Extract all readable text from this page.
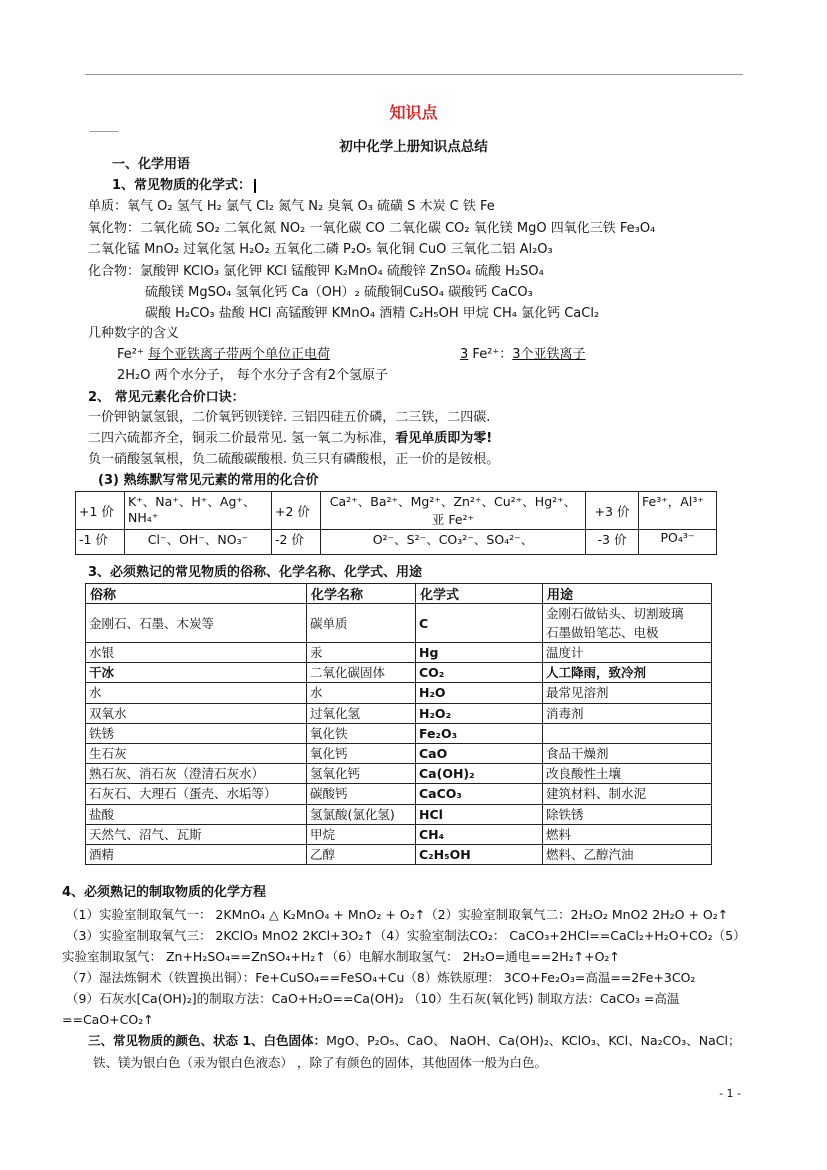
知识点
初中化学上册知识点总结
一、化学用语
1、常见物质的化学式：
单质：氧气 O₂ 氢气 H₂ 氯气 Cl₂ 氮气 N₂ 臭氧 O₃ 硫磺 S 木炭 C 铁 Fe
氧化物：二氧化硫 SO₂ 二氧化氮 NO₂ 一氧化碳 CO 二氧化碳 CO₂ 氧化镁 MgO 四氧化三铁 Fe₃O₄
二氧化锰 MnO₂ 过氧化氢 H₂O₂ 五氧化二磷 P₂O₅ 氧化铜 CuO 三氧化二铝 Al₂O₃
化合物：氯酸钾 KClO₃ 氯化钾 KCl 锰酸钾 K₂MnO₄ 硫酸锌 ZnSO₄ 硫酸 H₂SO₄
硫酸镁 MgSO₄ 氢氧化钙 Ca（OH）₂ 硫酸铜CuSO₄ 碳酸钙 CaCO₃
碳酸 H₂CO₃ 盐酸 HCl 高锰酸钾 KMnO₄ 酒精 C₂H₅OH 甲烷 CH₄ 氯化钙 CaCl₂
几种数字的含义
Fe²⁺ 每个亚铁离子带两个单位正电荷	3 Fe²⁺：3个亚铁离子
2H₂O 两个水分子， 每个水分子含有2个氢原子
2、 常见元素化合价口诀：
一价钾钠氯氢银，二价氧钙钡镁锌. 三铝四硅五价磷，二三铁，二四碳.
二四六硫都齐全，铜汞二价最常见. 氢一氧二为标准，看见单质即为零!
负一硝酸氢氧根，负二硫酸碳酸根. 负三只有磷酸根，正一价的是铵根。
(3) 熟练默写常见元素的常用的化合价
+1 价	K⁺、Na⁺、H⁺、Ag⁺、NH₄⁺	+2 价	Ca²⁺、Ba²⁺、Mg²⁺、Zn²⁺、Cu²⁺、Hg²⁺、亚 Fe²⁺	+3 价	Fe³⁺，Al³⁺
-1 价	Cl⁻、OH⁻、NO₃⁻	-2 价	O²⁻、S²⁻、CO₃²⁻、SO₄²⁻、	-3 价	PO₄³⁻
3、必须熟记的常见物质的俗称、化学名称、化学式、用途
俗称	化学名称	化学式	用途
金刚石、石墨、木炭等	碳单质	C	金刚石做钻头、切割玻璃
石墨做铅笔芯、电极
水银	汞	Hg	温度计
干冰	二氧化碳固体	CO₂	人工降雨，致冷剂
水	水	H₂O	最常见溶剂
双氧水	过氧化氢	H₂O₂	消毒剂
铁锈	氧化铁	Fe₂O₃	
生石灰	氧化钙	CaO	食品干燥剂
熟石灰、消石灰（澄清石灰水）	氢氧化钙	Ca(OH)₂	改良酸性土壤
石灰石、大理石（蛋壳、水垢等）	碳酸钙	CaCO₃	建筑材料、制水泥
盐酸	氢氯酸(氯化氢)	HCl	除铁锈
天然气、沼气、瓦斯	甲烷	CH₄	燃料
酒精	乙醇	C₂H₅OH	燃料、乙醇汽油
4、必须熟记的制取物质的化学方程
（1）实验室制取氧气一： 2KMnO₄ △ K₂MnO₄ + MnO₂ + O₂↑（2）实验室制取氧气二：2H₂O₂ MnO2 2H₂O + O₂↑
（3）实验室制取氧气三： 2KClO₃ MnO2 2KCl+3O₂↑（4）实验室制法CO₂： CaCO₃+2HCl==CaCl₂+H₂O+CO₂（5）
实验室制取氢气： Zn+H₂SO₄==ZnSO₄+H₂↑（6）电解水制取氢气： 2H₂O=通电==2H₂↑+O₂↑
（7）湿法炼铜术（铁置换出铜）：Fe+CuSO₄==FeSO₄+Cu（8）炼铁原理： 3CO+Fe₂O₃=高温==2Fe+3CO₂
（9）石灰水[Ca(OH)₂]的制取方法：CaO+H₂O==Ca(OH)₂ （10）生石灰(氧化钙) 制取方法：CaCO₃ =高温
==CaO+CO₂↑
三、常见物质的颜色、状态 1、白色固体：MgO、P₂O₅、CaO、 NaOH、Ca(OH)₂、KClO₃、KCl、Na₂CO₃、NaCl；
铁、镁为银白色（汞为银白色液态） ，除了有颜色的固体，其他固体一般为白色。
- 1 -
